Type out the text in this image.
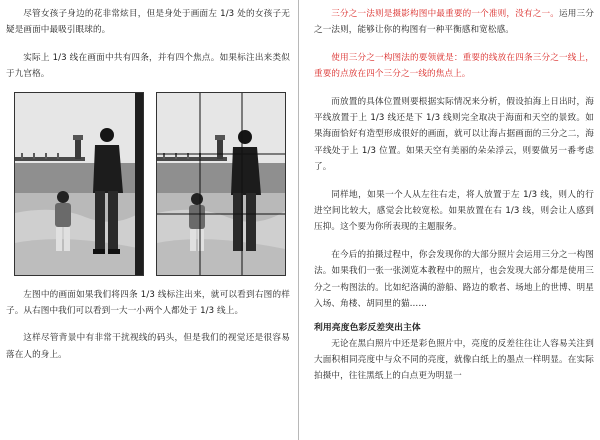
尽管女孩子身边的花非常炫目，但是身处于画面左 1/3 处的女孩子无疑是画面中最吸引眼球的。

实际上 1/3 线在画面中共有四条，并有四个焦点。如果标注出来类似于九宫格。

左图中的画面如果我们将四条 1/3 线标注出来，就可以看到右图的样子。从右图中我们可以看到一大一小两个人都处于 1/3 线上。

这样尽管背景中有非常干扰视线的码头，但是我们的视觉还是很容易落在人的身上。

三分之一法则是摄影构图中最重要的一个准则，没有之一。运用三分之一法则，能够让你的构图有一种平衡感和宽松感。

使用三分之一构图法的要领就是：重要的线放在四条三分之一线上，重要的点放在四个三分之一线的焦点上。

而放置的具体位置则要根据实际情况来分析，假设拍海上日出时，海平线放置于上 1/3 线还是下 1/3 线则完全取决于海面和天空的景致。如果海面恰好有造型形成很好的画面，就可以让海占据画面的三分之二，海平线处于上 1/3 位置。如果天空有美丽的朵朵浮云，则要做另一番考虑了。

同样地，如果一个人从左往右走，将人放置于左 1/3 线，则人的行进空间比较大，感觉会比较宽松。如果放置在右 1/3 线，则会让人感到压抑。这个要为你所表现的主题服务。

在今后的拍摄过程中，你会发现你的大部分照片会运用三分之一构图法。如果我们一张一张浏览本教程中的照片，也会发现大部分都是使用三分之一构图法的。比如纪洛满的游船、路边的歌者、场地上的世博、明星入场、角楼、胡同里的猫……

利用亮度色彩反差突出主体

无论在黑白照片中还是彩色照片中，亮度的反差往往让人容易关注到大面积相同亮度中与众不同的亮度，就像白纸上的墨点一样明显。在实际拍摄中，往往黑纸上的白点更为明显一
